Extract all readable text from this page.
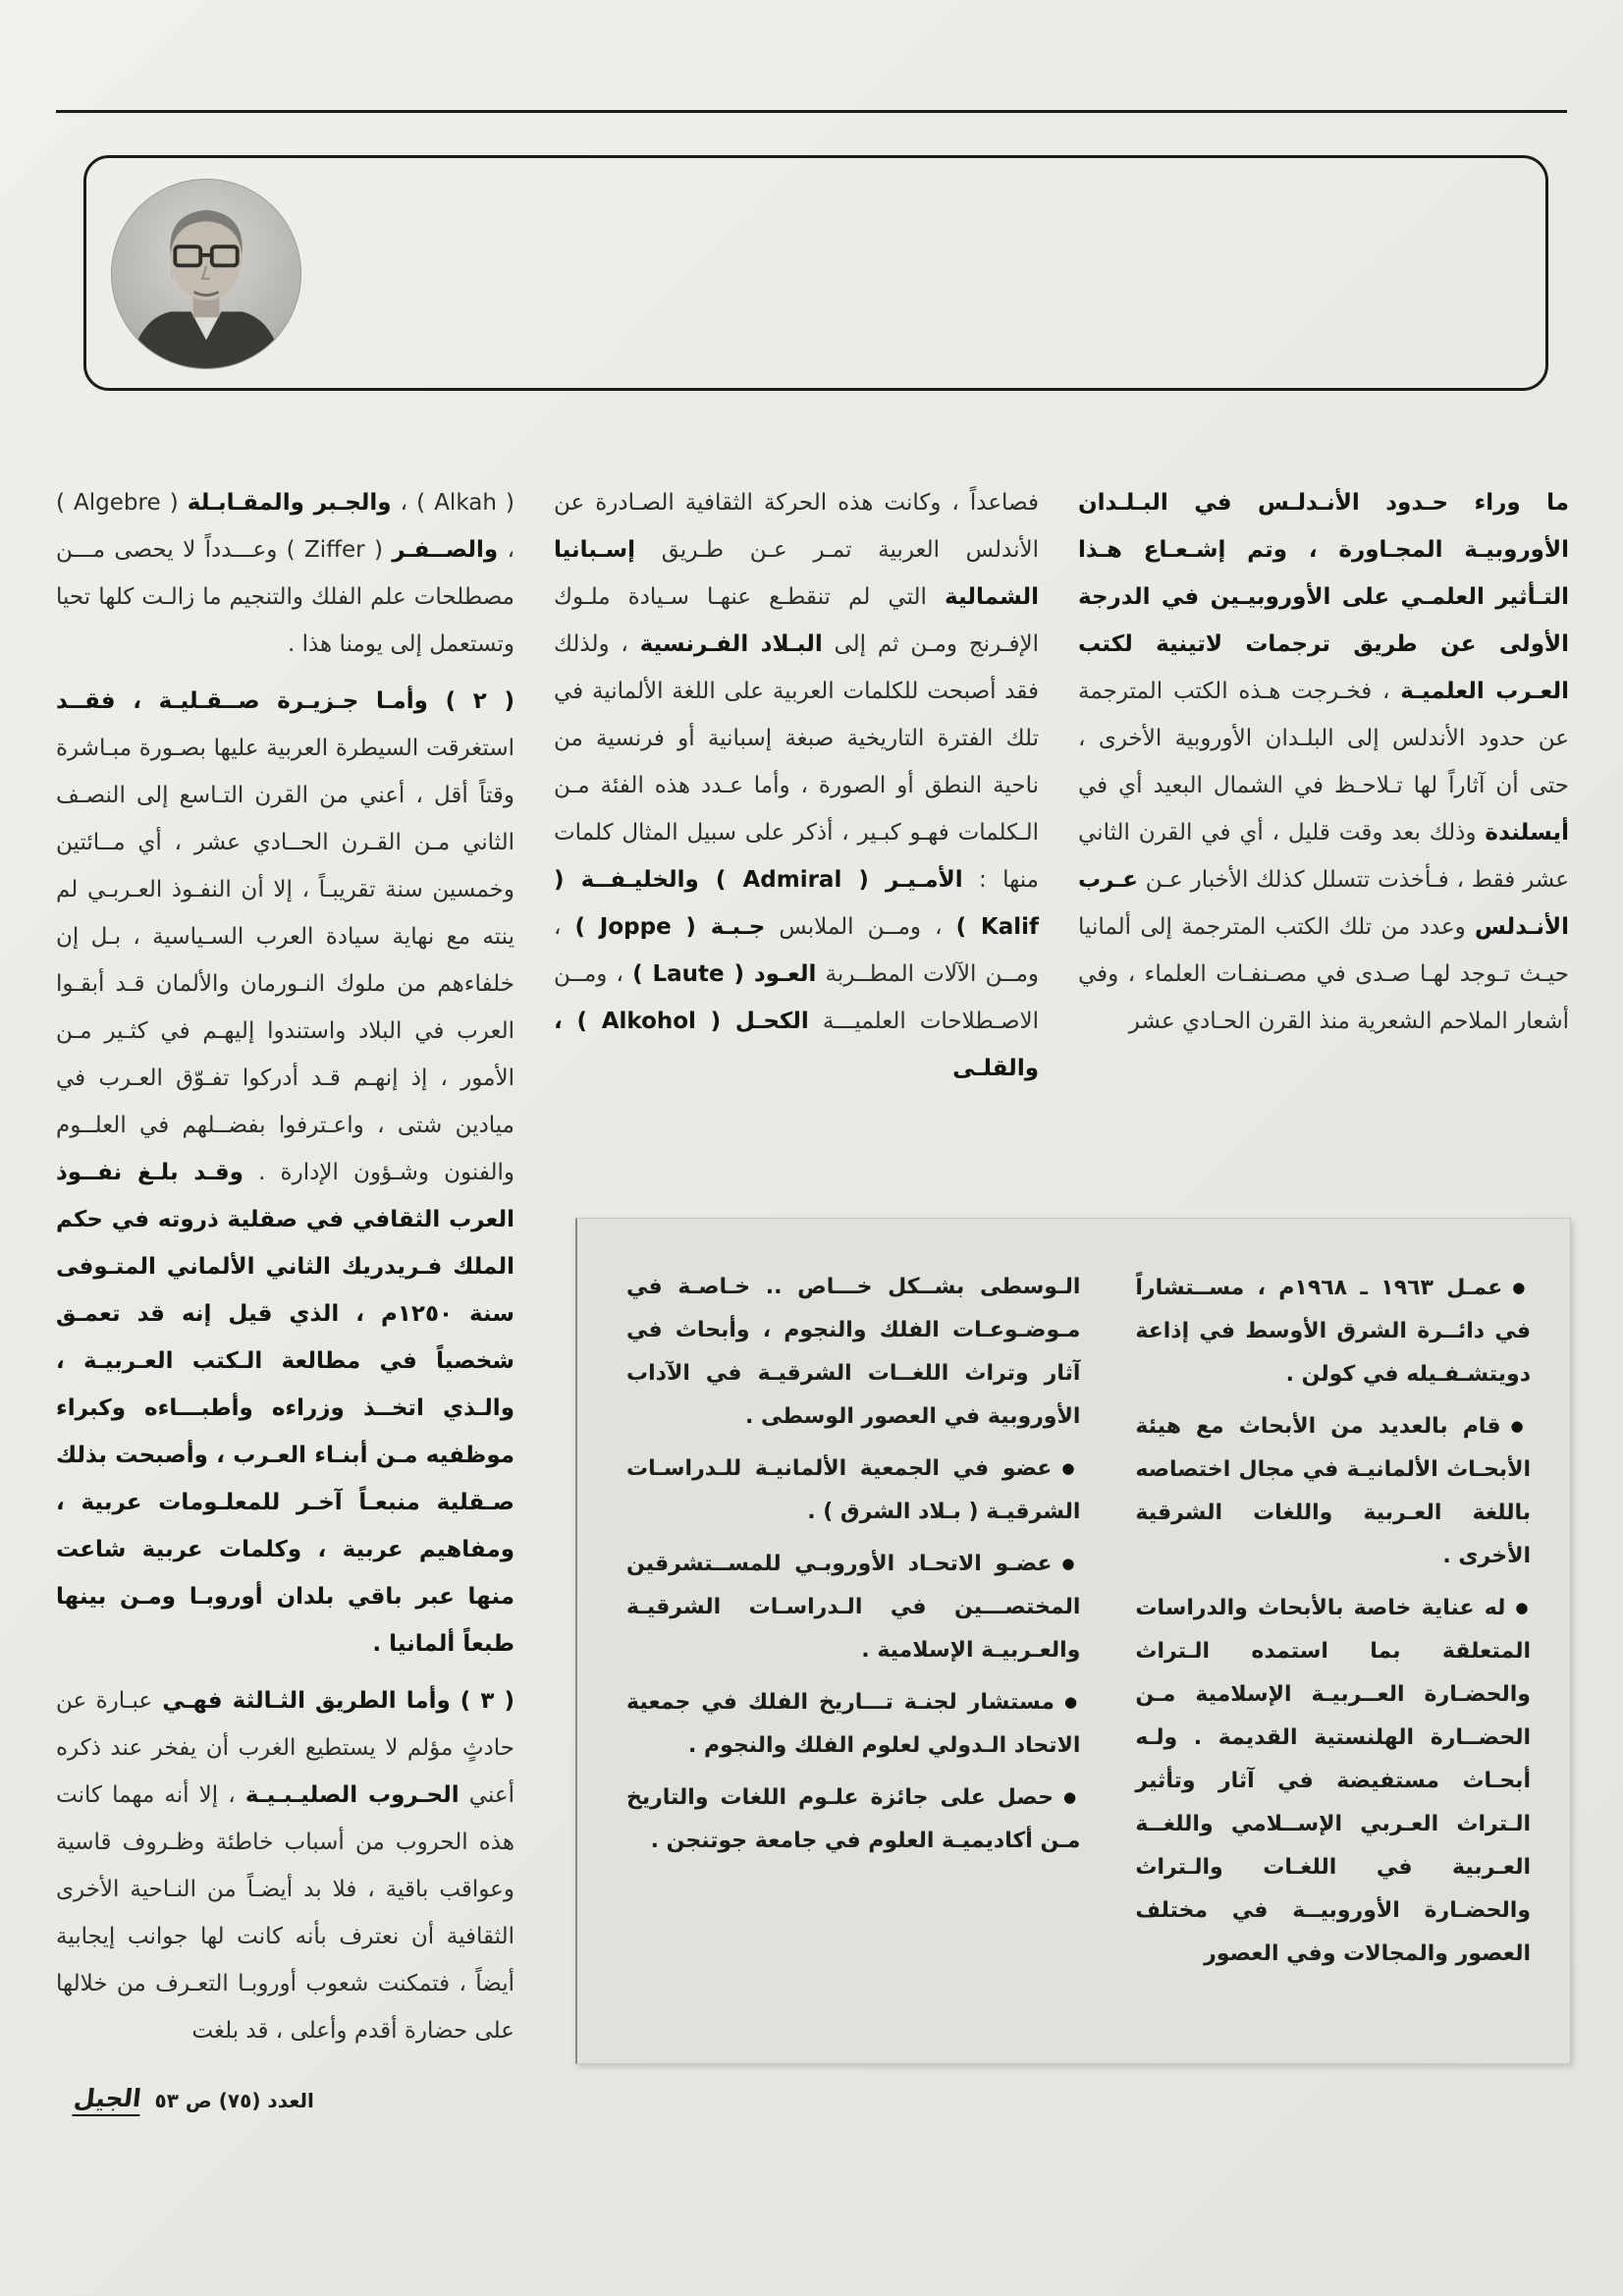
ما وراء حـدود الأنـدلـس في البـلـدان الأوروبيـة المجـاورة ، وتم إشـعـاع هـذا التـأثير العلمـي على الأوروبيـين في الدرجة الأولى عن طريق ترجمات لاتينية لكتب العـرب العلميـة ، فخـرجت هـذه الكتب المترجمة عن حدود الأندلس إلى البلـدان الأوروبية الأخرى ، حتى أن آثاراً لها تـلاحـظ في الشمال البعيد أي في أيسلندة وذلك بعد وقت قليل ، أي في القرن الثاني عشر فقط ، فـأخذت تتسلل كذلك الأخبار عـن عـرب الأنـدلس وعدد من تلك الكتب المترجمة إلى ألمانيا حيـث تـوجد لهـا صـدى في مصـنفـات العلماء ، وفي أشعار الملاحم الشعرية منذ القرن الحـادي عشر

فصاعداً ، وكانت هذه الحركة الثقافية الصـادرة عن الأندلس العربية تمـر عـن طـريق إسـبانيا الشمالية التي لم تنقطـع عنهـا سـيادة ملـوك الإفـرنج ومـن ثم إلى البـلاد الفـرنسية ، ولذلك فقد أصبحت للكلمات العربية على اللغة الألمانية في تلك الفترة التاريخية صبغة إسبانية أو فرنسية من ناحية النطق أو الصورة ، وأما عـدد هذه الفئة مـن الـكلمات فهـو كبـير ، أذكر على سبيل المثال كلمات منها : الأمـيـر ( Admiral ) والخليـفــة ( Kalif ) ، ومــن الملابس جـبـة ( Joppe ) ، ومــن الآلات المطــربة العـود ( Laute ) ، ومــن الاصـطلاحات العلميـــة الكحـل ( Alkohol ) ، والقلـى

( Alkah ) ، والجـبر والمقـابـلة ( Algebre ) ، والصــفـر ( Ziffer ) وعـــدداً لا يحصى مـــن مصطلحات علم الفلك والتنجيم ما زالـت كلها تحيا وتستعمل إلى يومنا هذا .

( ٢ ) وأمـا جـزيـرة صــقـليـة ، فقــد استغرقت السيطرة العربية عليها بصـورة مبـاشرة وقتاً أقل ، أعني من القرن التـاسع إلى النصـف الثاني مـن القـرن الحــادي عشر ، أي مــائتين وخمسين سنة تقريبـاً ، إلا أن النفـوذ العـربـي لم ينته مع نهاية سيادة العرب السـياسية ، بـل إن خلفاءهم من ملوك النـورمان والألمان قـد أبقـوا العرب في البلاد واستندوا إليهـم في كثـير مـن الأمور ، إذ إنهـم قـد أدركوا تفـوّق العـرب في ميادين شتى ، واعـترفوا بفضــلهم في العلــوم والفنون وشـؤون الإدارة . وقـد بلـغ نفــوذ العرب الثقافي في صقلية ذروته في حكم الملك فـريدريك الثاني الألماني المتـوفى سنة ١٢٥٠م ، الذي قيل إنه قد تعمـق شخصياً في مطالعة الـكتب العـربيـة ، والـذي اتخــذ وزراءه وأطبـــاءه وكبراء موظفيه مـن أبنـاء العـرب ، وأصبحت بذلك صـقلية منبعـاً آخـر للمعلـومات عربية ، ومفاهيم عربية ، وكلمات عربية شاعت منها عبر باقي بلدان أوروبـا ومـن بينها طبعاً ألمانيا .

( ٣ ) وأما الطريق الثـالثة فهـي عبـارة عن حادثٍ مؤلم لا يستطيع الغرب أن يفخر عند ذكره أعني الحـروب الصليـبـيـة ، إلا أنه مهما كانت هذه الحروب من أسباب خاطئة وظـروف قاسية وعواقب باقية ، فلا بد أيضـاً من النـاحية الأخرى الثقافية أن نعترف بأنه كانت لها جوانب إيجابية أيضاً ، فتمكنت شعوب أوروبـا التعـرف من خلالها على حضارة أقدم وأعلى ، قد بلغت

●عمـل ١٩٦٣ ـ ١٩٦٨م ، مســتشاراً في دائــرة الشرق الأوسط في إذاعة دويتشـفـيله في كولن .

●قام بالعديد من الأبحاث مع هيئة الأبحـاث الألمانيـة في مجال اختصاصه باللغة العـربية واللغات الشرقية الأخرى .

●له عناية خاصة بالأبحاث والدراسات المتعلقة بما استمده الـتراث والحضـارة العــربيـة الإسلامية مـن الحضــارة الهلنستية القديمة . ولـه أبحـاث مستفيضة في آثار وتأثير الـتراث العـربي الإســلامي واللغــة العـربية في اللغـات والـتراث والحضـارة الأوروبيــة في مختلف العصور والمجالات وفي العصور

الـوسطى بشــكل خـــاص .. خـاصـة في مـوضـوعـات الفلك والنجوم ، وأبحاث في آثار وتراث اللغــات الشرقيـة في الآداب الأوروبية في العصور الوسطى .

●عضو في الجمعية الألمانيـة للـدراسـات الشرقيـة ( بـلاد الشرق ) .

●عضـو الاتحـاد الأوروبـي للمســتشرقين المختصـــين في الـدراسـات الشرقيـة والعـربيـة الإسلامية .

●مستشار لجنـة تـــاريخ الفلك في جمعية الاتحاد الـدولي لعلوم الفلك والنجوم .

●حصل على جائزة علـوم اللغات والتاريخ مـن أكاديميـة العلوم في جامعة جوتنجن .

الجيل العدد (٧٥) ص ٥٣
